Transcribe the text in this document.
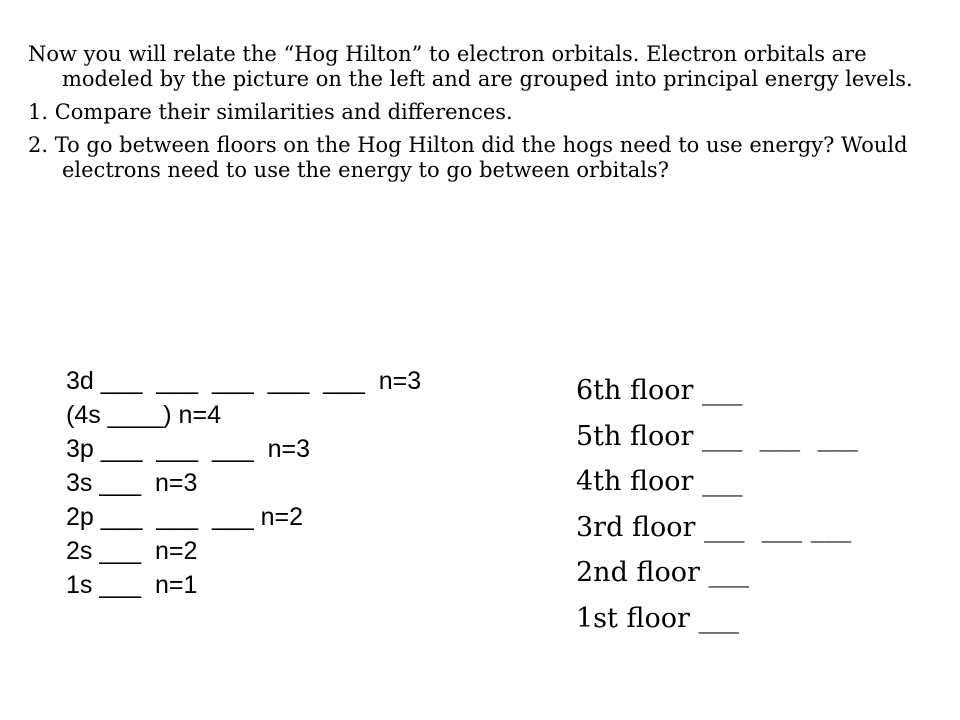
Now you will relate the “Hog Hilton” to electron orbitals. Electron orbitals are modeled by the picture on the left and are grouped into principal energy levels.

1. Compare their similarities and differences.

2. To go between floors on the Hog Hilton did the hogs need to use energy? Would electrons need to use the energy to go between orbitals?

3d ___  ___  ___  ___  ___  n=3
(4s ____) n=4
3p ___  ___  ___  n=3
3s ___  n=3
2p ___  ___  ___ n=2
2s ___  n=2
1s ___  n=1
6th floor ___
5th floor ___  ___  ___
4th floor ___
3rd floor ___  ___ ___
2nd floor ___
1st floor ___
